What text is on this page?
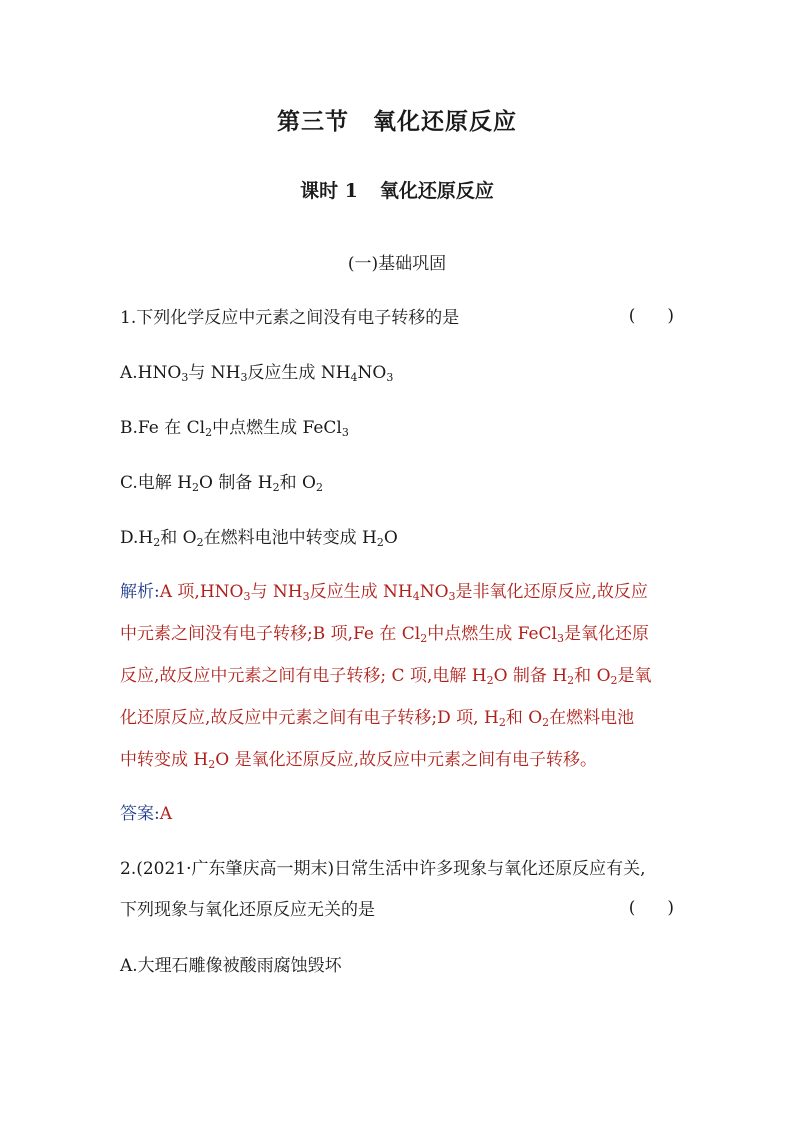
第三节 氧化还原反应
课时 1 氧化还原反应
(一)基础巩固
1.下列化学反应中元素之间没有电子转移的是	( )
$A.HNO_3$与 $NH_3$反应生成 $NH_4NO_3$
B.Fe 在 $Cl_2$中点燃生成 FeCl$_3$
C.电解 $H_2O$ 制备 $H_2$和 $O_2$
$D.H_2$和 $O_2$在燃料电池中转变成 $H_2O$
解析:A 项$,HNO_3$与 $NH_3$反应生成 $NH_4NO_3$是非氧化还原反应,故反应
中元素之间没有电子转移;B 项,Fe 在 $Cl_2$中点燃生成 FeCl$_3$是氧化还原
反应,故反应中元素之间有电子转移; C 项,电解 $H_2O$ 制备 $H_2$和 $O_2$是氧
化还原反应,故反应中元素之间有电子转移;D 项, $H_2$和 $O_2$在燃料电池
中转变成 $H_2O$ 是氧化还原反应,故反应中元素之间有电子转移。
答案:A
2.(2021·广东肇庆高一期末)日常生活中许多现象与氧化还原反应有关,
下列现象与氧化还原反应无关的是	( )
A.大理石雕像被酸雨腐蚀毁坏
